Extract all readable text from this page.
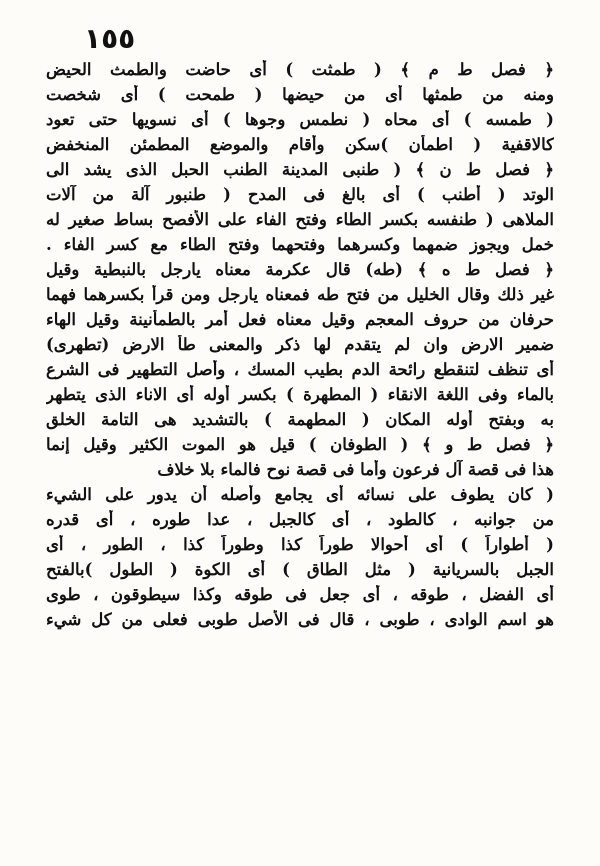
١٥٥

﴿ فصل ط م ﴾ ( طمثت ) أى حاضت والطمث الحيض

ومنه من طمثها أى من حيضها ( طمحت ) أى شخصت

( طمسه ) أى محاه ( نطمس وجوها ) أى نسويها حتى تعود

كالاقفية ( اطمأن )سكن وأقام والموضع المطمئن المنخفض

﴿ فصل ط ن ﴾ ( طنبى المدينة الطنب الحبل الذى يشد الى

الوتد ( أطنب ) أى بالغ فى المدح ( طنبور آلة من آلات

الملاهى ( طنفسه بكسر الطاء وفتح الفاء على الأفصح بساط صغير له

خمل ويجوز ضمهما وكسرهما وفتحهما وفتح الطاء مع كسر الفاء .

﴿ فصل ط ه ﴾ (طه) قال عكرمة معناه يارجل بالنبطية وقيل

غير ذلك وقال الخليل من فتح طه فمعناه يارجل ومن قرأ بكسرهما فهما

حرفان من حروف المعجم وقيل معناه فعل أمر بالطمأنينة وقيل الهاء

ضمير الارض وان لم يتقدم لها ذكر والمعنى طأ الارض (تطهرى)

أى تنظف لتنقطع رائحة الدم بطيب المسك ، وأصل التطهير فى الشرع

بالماء وفى اللغة الانقاء ( المطهرة ) بكسر أوله أى الاناء الذى يتطهر

به وبفتح أوله المكان ( المطهمة ) بالتشديد هى التامة الخلق

﴿ فصل ط و ﴾ ( الطوفان ) قيل هو الموت الكثير وقيل إنما

هذا فى قصة آل فرعون وأما فى قصة نوح فالماء بلا خلاف

( كان يطوف على نسائه أى يجامع وأصله أن يدور على الشيء

من جوانبه ، كالطود ، أى كالجبل ، عدا طوره ، أى قدره

( أطواراً ) أى أحوالا طوراً كذا وطوراً كذا ، الطور ، أى

الجبل بالسريانية ( مثل الطاق ) أى الكوة ( الطول )بالفتح

أى الفضل ، طوقه ، أى جعل فى طوقه وكذا سيطوقون ، طوى

هو اسم الوادى ، طوبى ، قال فى الأصل طوبى فعلى من كل شيء
